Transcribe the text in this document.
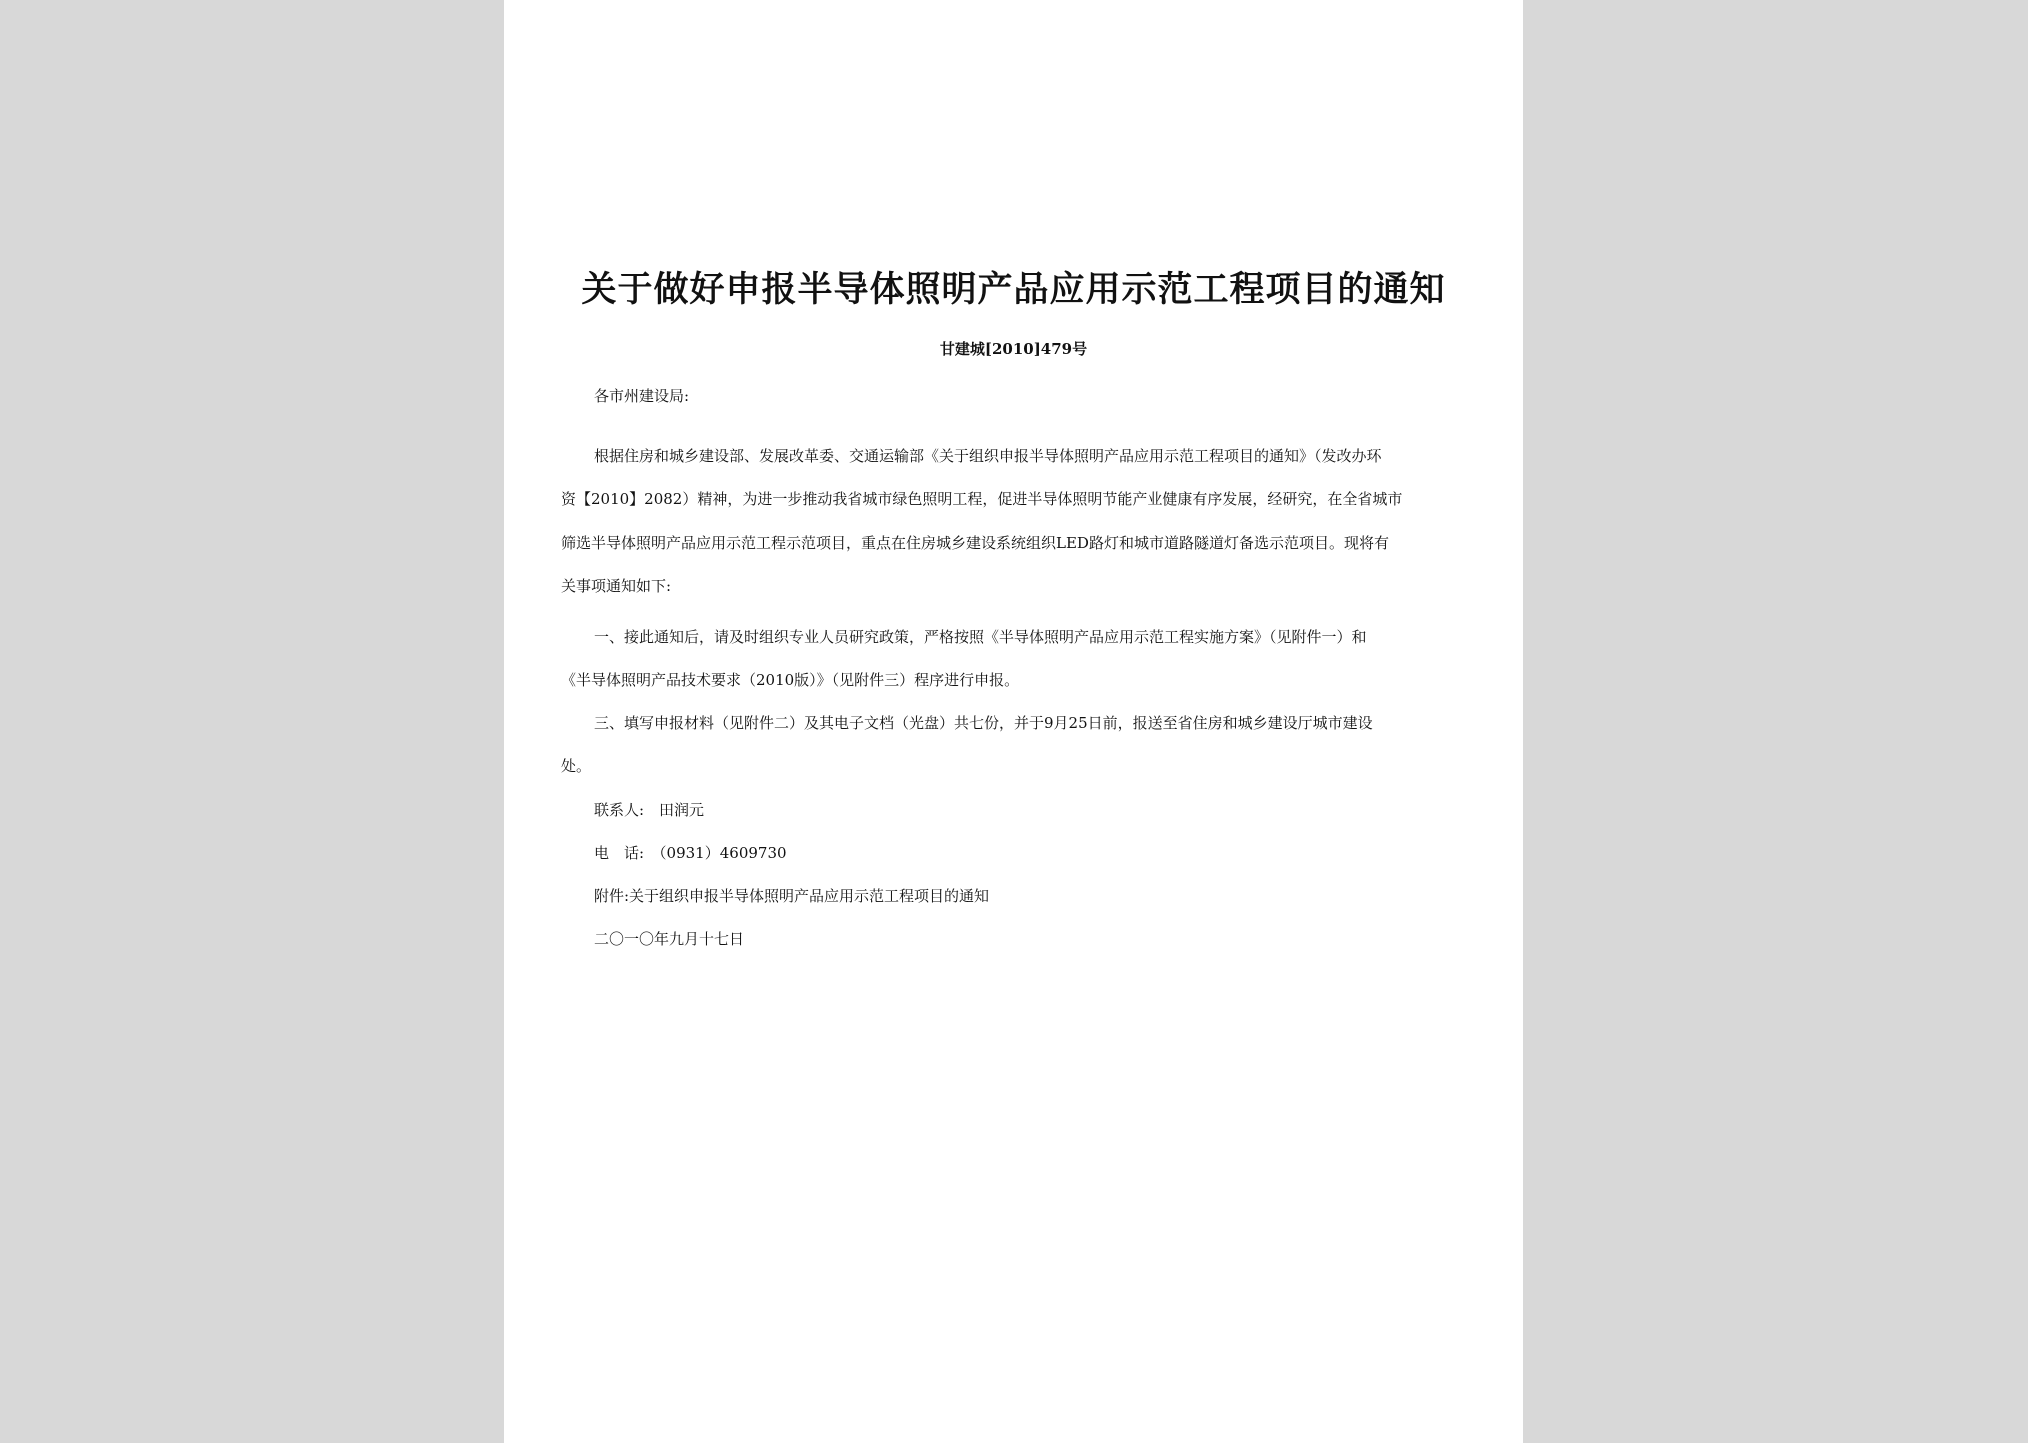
关于做好申报半导体照明产品应用示范工程项目的通知
甘建城[2010]479号
各市州建设局:
根据住房和城乡建设部、发展改革委、交通运输部《关于组织申报半导体照明产品应用示范工程项目的通知》（发改办环
资【2010】2082）精神，为进一步推动我省城市绿色照明工程，促进半导体照明节能产业健康有序发展，经研究，在全省城市
筛选半导体照明产品应用示范工程示范项目，重点在住房城乡建设系统组织LED路灯和城市道路隧道灯备选示范项目。现将有
关事项通知如下:
一、接此通知后，请及时组织专业人员研究政策，严格按照《半导体照明产品应用示范工程实施方案》（见附件一）和
《半导体照明产品技术要求（2010版）》（见附件三）程序进行申报。
三、填写申报材料（见附件二）及其电子文档（光盘）共七份，并于9月25日前，报送至省住房和城乡建设厅城市建设
处。
联系人:　田润元
电　话:　（0931）4609730
附件:关于组织申报半导体照明产品应用示范工程项目的通知
二〇一〇年九月十七日
